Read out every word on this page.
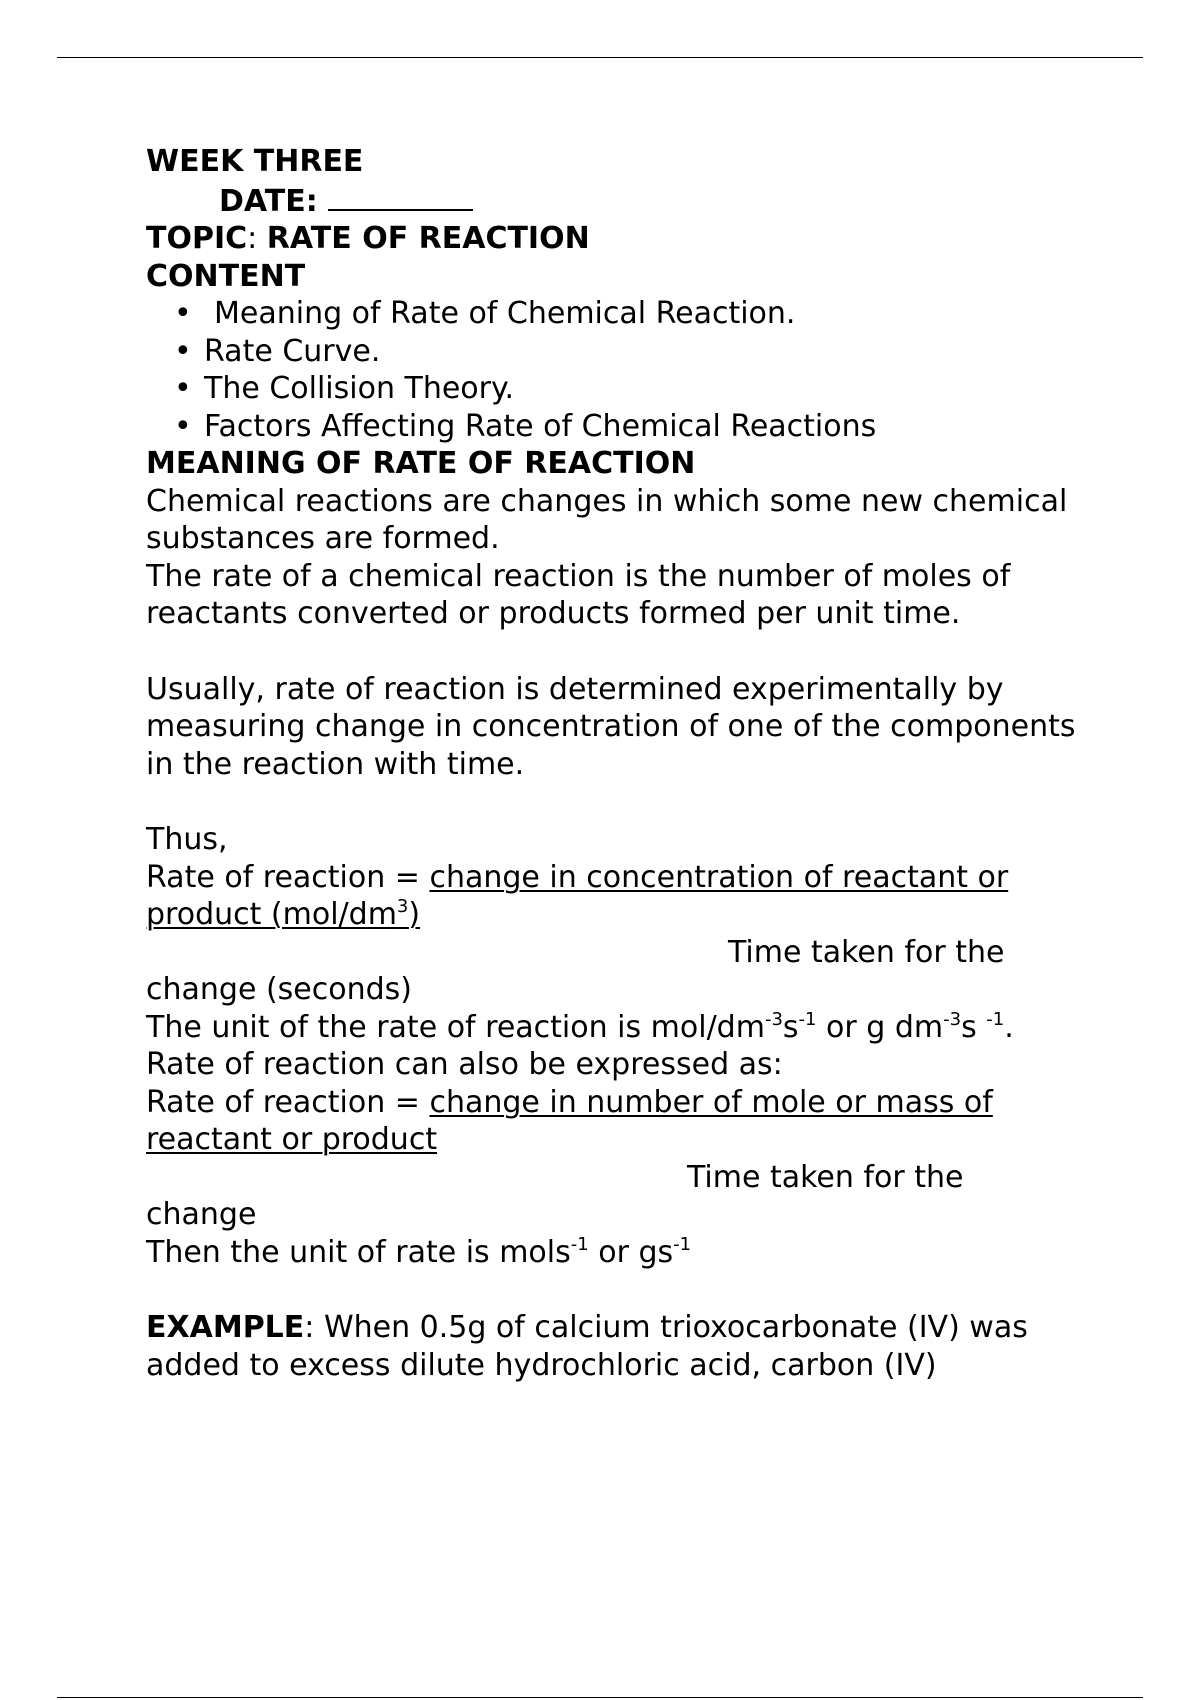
WEEK THREE

DATE:

TOPIC: RATE OF REACTION

CONTENT

• Meaning of Rate of Chemical Reaction.
• Rate Curve.
• The Collision Theory.
• Factors Affecting Rate of Chemical Reactions

MEANING OF RATE OF REACTION

Chemical reactions are changes in which some new chemical substances are formed.

The rate of a chemical reaction is the number of moles of reactants converted or products formed per unit time.

Usually, rate of reaction is determined experimentally by measuring change in concentration of one of the components in the reaction with time.

Thus,

Rate of reaction = change in concentration of reactant or product $(mol/dm^3)$

Time taken for the

change (seconds)

The unit of the rate of reaction is mol/$dm^{-3}s^{-1}$ or g $dm^{-3}s$ $^{-1}$.

Rate of reaction can also be expressed as:

Rate of reaction = change in number of mole or mass of reactant or product

Time taken for the

change

Then the unit of rate is mols$^{-1}$ or $gs^{-1}$

EXAMPLE: When 0.5g of calcium trioxocarbonate (IV) was added to excess dilute hydrochloric acid, carbon (IV)
